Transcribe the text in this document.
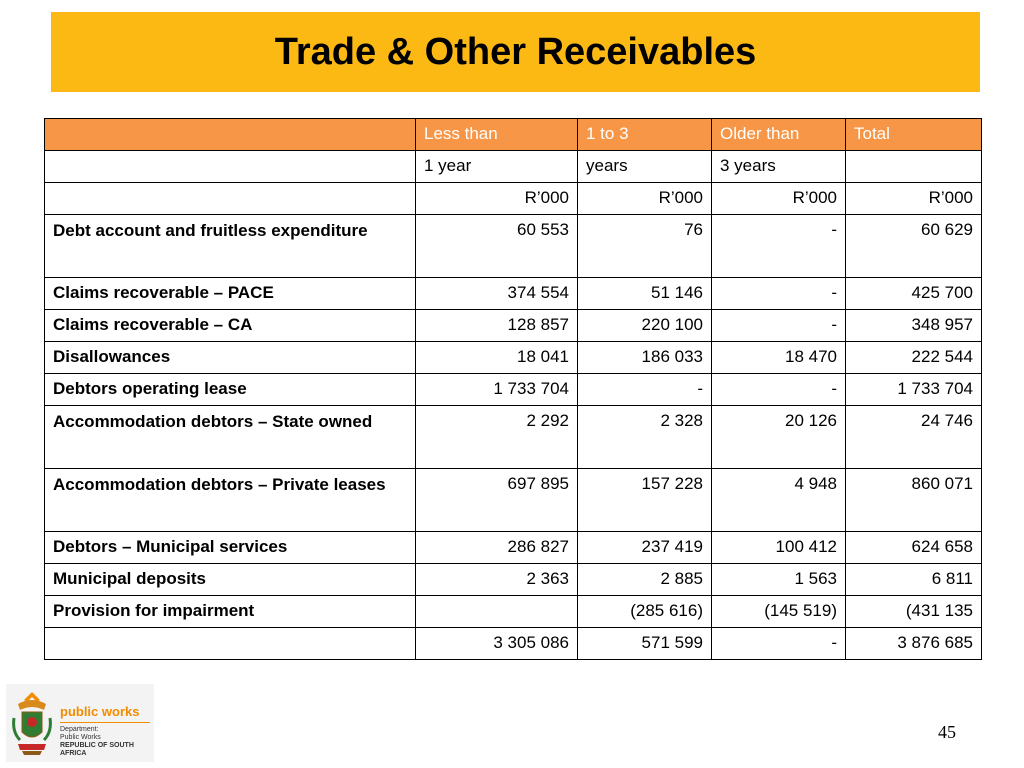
Trade & Other Receivables
	Less than	1 to 3	Older than	Total
	1 year	years	3 years	
	R’000	R’000	R’000	R’000
Debt account and fruitless expenditure	60 553	76	-	60 629
Claims recoverable – PACE	374 554	51 146	-	425 700
Claims recoverable – CA	128 857	220 100	-	348 957
Disallowances	18 041	186 033	18 470	222 544
Debtors operating lease	1 733 704	-	-	1 733 704
Accommodation debtors – State owned	2 292	2 328	20 126	24 746
Accommodation debtors – Private leases	697 895	157 228	4 948	860 071
Debtors – Municipal services	286 827	237 419	100 412	624 658
Municipal deposits	2 363	2 885	1 563	6 811
Provision for impairment		(285 616)	(145 519)	(431 135
	3 305 086	571 599	-	3 876 685
public works
Department:
Public Works
REPUBLIC OF SOUTH AFRICA
45
